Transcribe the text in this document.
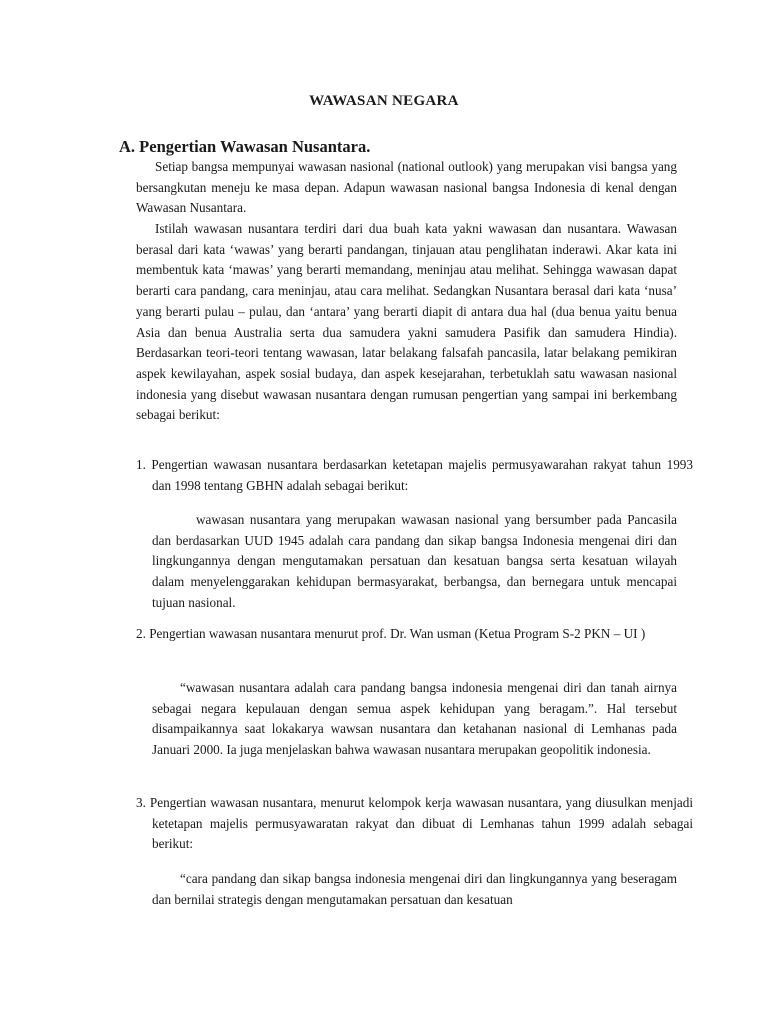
WAWASAN NEGARA
A. Pengertian Wawasan Nusantara.

Setiap bangsa mempunyai wawasan nasional (national outlook) yang merupakan visi bangsa yang bersangkutan meneju ke masa depan. Adapun wawasan nasional bangsa Indonesia di kenal dengan Wawasan Nusantara.

Istilah wawasan nusantara terdiri dari dua buah kata yakni wawasan dan nusantara. Wawasan berasal dari kata ‘wawas’ yang berarti pandangan, tinjauan atau penglihatan inderawi. Akar kata ini membentuk kata ‘mawas’ yang berarti memandang, meninjau atau melihat. Sehingga wawasan dapat berarti cara pandang, cara meninjau, atau cara melihat. Sedangkan Nusantara berasal dari kata ‘nusa’ yang berarti pulau – pulau, dan ‘antara’ yang berarti diapit di antara dua hal (dua benua yaitu benua Asia dan benua Australia serta dua samudera yakni samudera Pasifik dan samudera Hindia). Berdasarkan teori-teori tentang wawasan, latar belakang falsafah pancasila, latar belakang pemikiran aspek kewilayahan, aspek sosial budaya, dan aspek kesejarahan, terbetuklah satu wawasan nasional indonesia yang disebut wawasan nusantara dengan rumusan pengertian yang sampai ini berkembang sebagai berikut:

1. Pengertian wawasan nusantara berdasarkan ketetapan majelis permusyawarahan rakyat tahun 1993 dan 1998 tentang GBHN adalah sebagai berikut:

wawasan nusantara yang merupakan wawasan nasional yang bersumber pada Pancasila dan berdasarkan UUD 1945 adalah cara pandang dan sikap bangsa Indonesia mengenai diri dan lingkungannya dengan mengutamakan persatuan dan kesatuan bangsa serta kesatuan wilayah dalam menyelenggarakan kehidupan bermasyarakat, berbangsa, dan bernegara untuk mencapai tujuan nasional.

2. Pengertian wawasan nusantara menurut prof. Dr. Wan usman (Ketua Program S-2 PKN – UI )

“wawasan nusantara adalah cara pandang bangsa indonesia mengenai diri dan tanah airnya sebagai negara kepulauan dengan semua aspek kehidupan yang beragam.”. Hal tersebut disampaikannya saat lokakarya wawsan nusantara dan ketahanan nasional di Lemhanas pada Januari 2000. Ia juga menjelaskan bahwa wawasan nusantara merupakan geopolitik indonesia.

3. Pengertian wawasan nusantara, menurut kelompok kerja wawasan nusantara, yang diusulkan menjadi ketetapan majelis permusyawaratan rakyat dan dibuat di Lemhanas tahun 1999 adalah sebagai berikut:

“cara pandang dan sikap bangsa indonesia mengenai diri dan lingkungannya yang beseragam dan bernilai strategis dengan mengutamakan persatuan dan kesatuan
